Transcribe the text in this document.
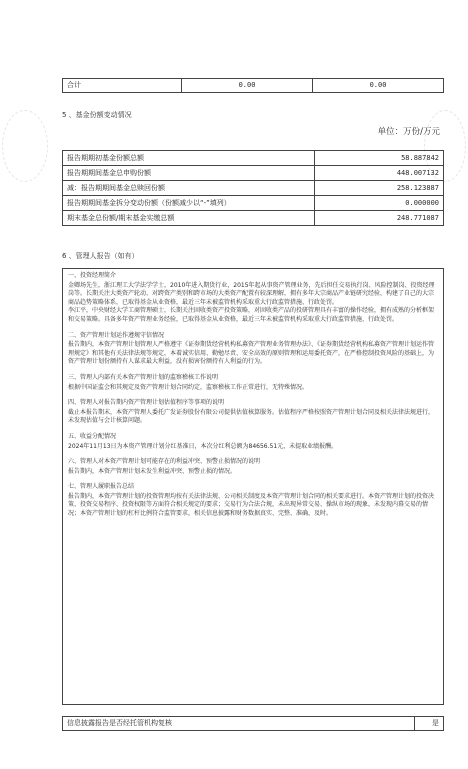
合计	0.00	0.00
5 、基金份额变动情况
单位：万份/万元
报告期期初基金份额总额	58.887842
报告期期间基金总申购份额	448.007132
减：报告期期间基金总赎回份额	258.123887
报告期期间基金拆分变动份额（份额减少以“-”填列）	0.000000
期末基金总份额/期末基金实缴总额	248.771087
6 、管理人报告（如有）
一、投资经理简介

金卿场先生，浙江理工大学法学学士，2010年进入期货行业，2015年起从事资产管理业务，先后担任交易执行岗、风险控制岗、投资经理岗等。长期关注大类资产轮动、对跨资产类别和跨市场的大类资产配置有较深理解，拥有多年大宗商品产业链研究经验，构建了自己的大宗商品趋势策略体系，已取得基金从业资格，最近三年未被监管机构采取重大行政监管措施、行政处罚。

李江平，中央财经大学工商管理硕士，长期关注固收类资产投资策略，对固收类产品的投研管理具有丰富的操作经验，拥有成熟的分析框架和交易策略。具备多年资产管理业务经验，已取得基金从业资格，最近三年未被监管机构采取重大行政监管措施、行政处罚。

二、资产管理计划运作遵规守信情况

报告期内，本资产管理计划管理人严格遵守《证券期货经营机构私募资产管理业务管理办法》、《证券期货经营机构私募资产管理计划运作管理规定》和其他有关法律法规等规定，本着诚实信用、勤勉尽责、安全高效的原则管理和运用委托资产，在严格控制投资风险的基础上，为资产管理计划份额持有人谋求最大利益，没有损害份额持有人利益的行为。

三、管理人内部有关本资产管理计划的监察稽核工作说明

根据中国证监会和其规定及资产管理计划合同约定，监察稽核工作正常进行，无特殊情况。

四、管理人对报告期内资产管理计划估值程序等事项的说明

截止本报告期末，本资产管理人委托广发证券股份有限公司提供估值核算服务。估值程序严格按照资产管理计划合同及相关法律法规进行，未发现估值与会计核算问题。

五、收益分配情况

2024年11月13日为本资产管理计划分红基准日，本次分红利总额为84656.51元，未提取业绩报酬。

六、管理人对本资产管理计划可能存在的利益冲突、预警止损情况的说明

报告期内，本资产管理计划未发生利益冲突、预警止损的情况。

七、管理人履职报告总结

报告期内，本资产管理计划的投资管理均按有关法律法规、公司相关制度及本资产管理计划合同的相关要求进行。本资产管理计划的投资决策、投资交易程序、投资权限等方面符合相关规定的要求；交易行为合法合规，未出现异常交易、操纵市场的现象，未发现内幕交易的情况；本资产管理计划的杠杆比例符合监管要求，相关信息披露和财务数据真实、完整、准确、及时。

信息披露报告是否经托管机构复核	是
